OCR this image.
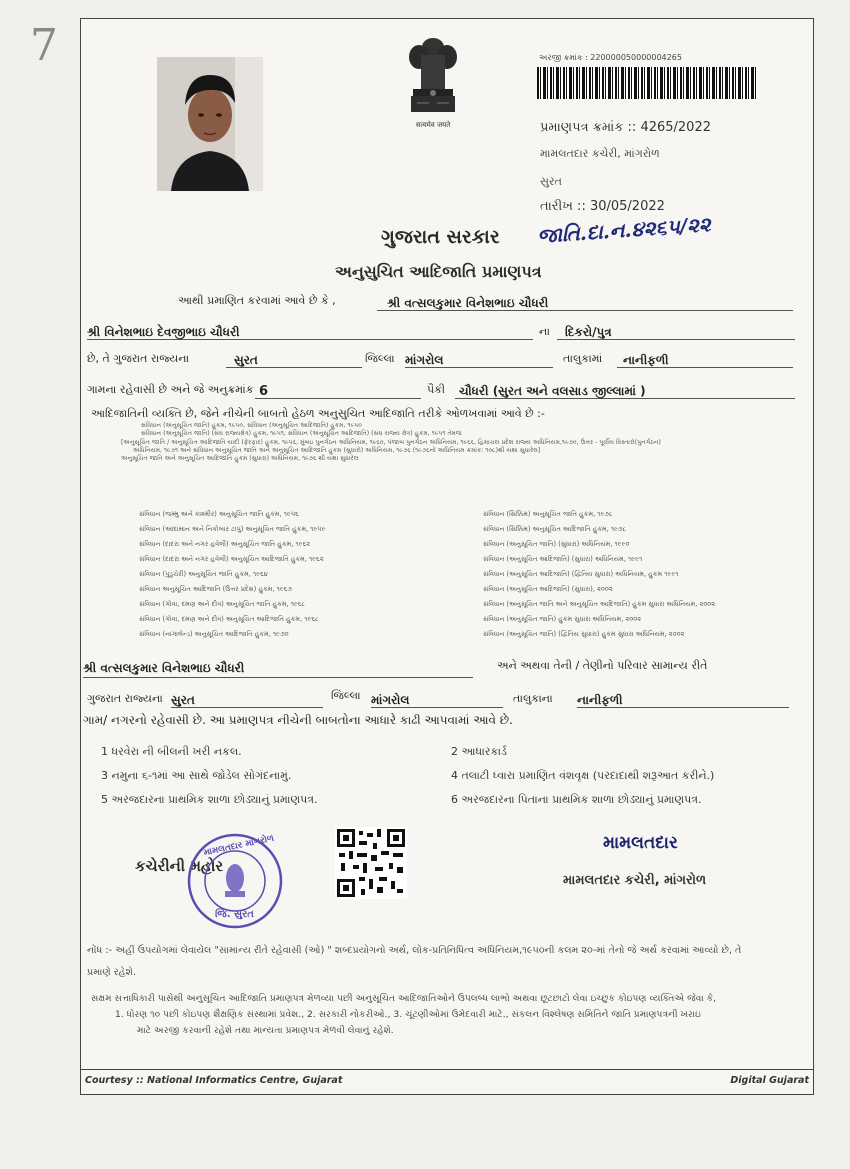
7
सत्यमेव जयते
અરજી ક્રમાંક : 220000050000004265
પ્રમાણપત્ર ક્રમાંક :: 4265/2022
મામલતદાર કચેરી, માંગરોળ
સુરત
તારીખ :: 30/05/2022
જાતિ.દા.ન.૪૨૬૫/૨૨
ગુજરાત સરકાર
અનુસુચિત આદિજાતિ પ્રમાણપત્ર
આથી પ્રમાણિત કરવામાં આવે છે કે ,	શ્રી વત્સલકુમાર વિનેશભાઇ ચૌધરી
શ્રી વિનેશભાઇ દેવજીભાઇ ચૌધરી	ના	દિકરો/પુત્ર
છે, તે ગુજરાત રાજ્યના	સુરત	જિલ્લા માંગરોલ	તાલુકામાં	નાનીફળી
ગામના રહેવાસી છે અને જે અનુક્રમાંક 6	પૈકી	ચૌધરી (સુરત અને વલસાડ જીલ્લામાં )
આદિજાતિની વ્યક્તિ છે, જેને નીચેની બાબતો હેઠળ અનુસુચિત આદિજાતિ તરીકે ઓળખવામાં આવે છે :-
સંવિધાન (અનુસૂચિત જાતિ) હુકમ, ૧૯૫૦, સંવિધાન (અનુસૂચિત આદિજાતિ) હુકમ, ૧૯૫૦
સંવિધાન (અનુસૂચિત જાતિ) (સંઘ રાજ્યક્ષેત્ર) હુકમ, ૧૯૫૧, સંવિધાન (અનુસૂચિત આદિજાતિ) (સંઘ રાજ્ય ક્ષેત્ર) હુકમ, ૧૯૫૧ તેમજ
[અનુસૂચિત જાતિ / અનુસૂચિત આદિજાતિ યાદી (ફેરફાર) હુકમ, ૧૯૫૬, મુંબઇ પુનર્ગઠન અધિનિયમ, ૧૯૬૦, પંજાબ પુનર્ગઠન અધિનિયમ, ૧૯૬૬, હિમાચલ પ્રદેશ રાજ્ય અધિનિયમ,૧૯૭૦, ઉત્તર - પૂર્વીય વિસ્તારો(પુનર્ગઠન)
અધિનિયમ, ૧૯૭૧ અને સંવિધાન અનુસૂચિત જાતિ અને અનુસૂચિત આદિજાતિ હુકમ (સુધારો) અધિનિયમ, ૧૯૭૬ (૧૯૭૬નો અધિનિયમ ક્રમાંક: ૧૦૮)થી યથા સુધારેલ]
અનુસૂચિત જાતિ અને અનુસૂચિત આદિજાતિ હુકમ (સુધારા) અધિનિયમ, ૧૯૭૬ થી યથા સુધારેલ
સંવિધાન (જમ્મુ અને કાશ્મીર) અનુસૂચિત જાતિ હુકમ, ૧૯૫૬
સંવિધાન (આંદામાન અને નિકોબાર ટાપુ) અનુસૂચિત જાતિ હુકમ, ૧૯૫૯
સંવિધાન (દાદરા અને નગર હવેલી) અનુસૂચિત જાતિ હુકમ, ૧૯૬૨
સંવિધાન (દાદરા અને નગર હવેલી) અનુસૂચિત આદિજાતિ હુકમ, ૧૯૬૨
સંવિધાન (પુડુચેરી) અનુસૂચિત જાતિ હુકમ, ૧૯૬૪
સંવિધાન અનુસૂચિત આદિજાતિ (ઉત્તર પ્રદેશ) હુકમ, ૧૯૬૭
સંવિધાન (ગોવા, દમણ અને દીવ) અનુસૂચિત જાતિ હુકમ, ૧૯૬૮
સંવિધાન (ગોવા, દમણ અને દીવ) અનુસૂચિત આદિજાતિ હુકમ, ૧૯૬૮
સંવિધાન (નાગાલેન્ડ) અનુસૂચિત આદિજાતિ હુકમ, ૧૯૭૦
સંવિધાન (સિક્કિમ) અનુસૂચિત જાતિ હુકમ, ૧૯૭૮
સંવિધાન (સિક્કિમ) અનુસૂચિત આદિજાતિ હુકમ, ૧૯૭૮
સંવિધાન (અનુસૂચિત જાતિ) (સુધારા) અધિનિયમ, ૧૯૯૦
સંવિધાન (અનુસૂચિત આદિજાતિ) (સુધારા) અધિનિયમ, ૧૯૯૧
સંવિધાન (અનુસૂચિત આદિજાતિ) (દ્વિતિય સુધારા) અધિનિયમ, હુકમ ૧૯૯૧
સંવિધાન (અનુસૂચિત આદિજાતિ) (સુધારા), ૨૦૦૨
સંવિધાન (અનુસૂચિત જાતિ અને અનુસૂચિત આદિજાતિ) હુકમ સુધારા અધિનિયમ, ૨૦૦૨
સંવિધાન (અનુસૂચિત જાતિ) હુકમ સુધારા અધિનિયમ, ૨૦૦૨
સંવિધાન (અનુસૂચિત જાતિ) (દ્વિતિય સુધારા) હુકમ સુધારા અધિનિયમ, ૨૦૦૨
શ્રી વત્સલકુમાર વિનેશભાઇ ચૌધરી	અને અથવા તેની / તેણીનો પરિવાર સામાન્ય રીતે
ગુજરાત રાજ્યના સુરત	જિલ્લા માંગરોલ	તાલુકાના નાનીફળી
ગામ/ નગરનો રહેવાસી છે. આ પ્રમાણપત્ર નીચેની બાબતોના આધારે કાઢી આપવામાં આવે છે.
1 ધરવેરા ની બીલની ખરી નકલ.	2 આધારકાર્ડ
3 નમુના ૬-૧માં આ સાથે જોડેલ સોગંદનામું.	4 તલાટી ધ્વારા પ્રમાણિત વંશવૃક્ષ (પરદાદાથી શરૂઆત કરીને.)
5 અરજદારના પ્રાથમિક શાળા છોડ્યાનું પ્રમાણપત્ર.	6 અરજદારના પિતાના પ્રાથમિક શાળા છોડ્યાનું પ્રમાણપત્ર.
કચેરીની મહોર
મામલતદાર માંગરોળ
જિ. સુરત
મામલતદાર
મામલતદાર કચેરી, માંગરોળ
નોંધ :- અહીં ઉપયોગમાં લેવાયેલ "સામાન્ય રીતે રહેવાસી (ઓ) " શબ્દપ્રયોગનો અર્થ, લોક-પ્રતિનિધિત્વ અધિનિયમ,૧૯૫૦ની કલમ ૨૦-માં તેનો જે અર્થ કરવામાં આવ્યો છે, તે
પ્રમાણે રહેશે.
સક્ષમ સત્તાધિકારી પાસેથી અનુસૂચિત આદિજાતિ પ્રમાણપત્ર મેળવ્યા પછી અનુસૂચિત આદિજાતિઓને ઉપલબ્ધ લાભો અથવા છૂટછાટો લેવા ઇચ્છુક કોઇપણ વ્યક્તિએ જેવા કે,
1. ધોરણ ૧૦ પછી કોઇપણ શૈક્ષણિક સંસ્થામાં પ્રવેશ., 2. સરકારી નોકરીઓ., 3. ચૂંટણીઓમાં ઉમેદવારી માટે., સંકલન વિશ્લેષણ સમિતિને જાતિ પ્રમાણપત્રની ખરાઇ
માટે અરજી કરવાની રહેશે તથા માન્યતા પ્રમાણપત્ર મેળવી લેવાનું રહેશે.
Courtesy :: National Informatics Centre, Gujarat	Digital Gujarat
